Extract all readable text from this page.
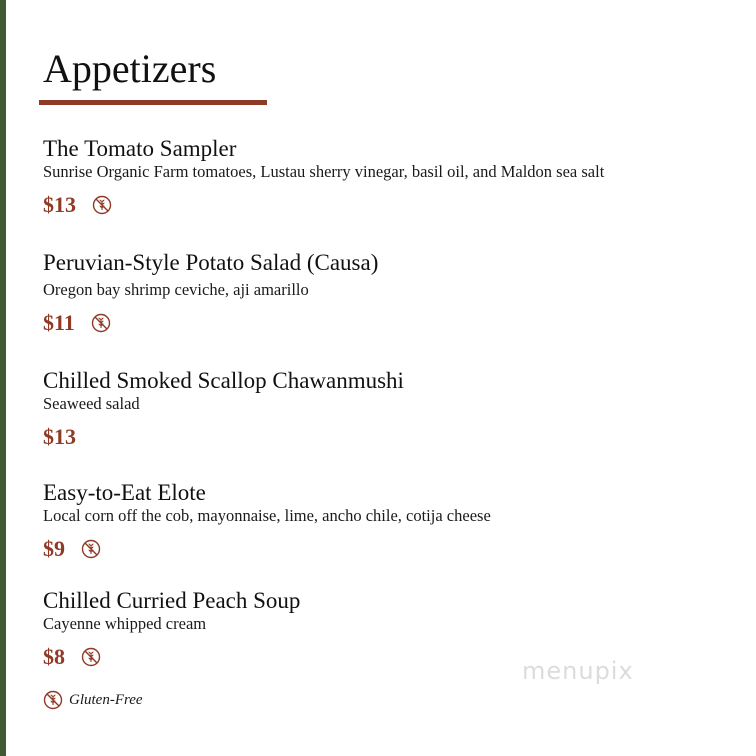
Appetizers
The Tomato Sampler
Sunrise Organic Farm tomatoes, Lustau sherry vinegar, basil oil, and Maldon sea salt
$13
Peruvian-Style Potato Salad (Causa)
Oregon bay shrimp ceviche, aji amarillo
$11
Chilled Smoked Scallop Chawanmushi
Seaweed salad
$13
Easy-to-Eat Elote
Local corn off the cob, mayonnaise, lime, ancho chile, cotija cheese
$9
Chilled Curried Peach Soup
Cayenne whipped cream
$8
Gluten-Free
menupix
